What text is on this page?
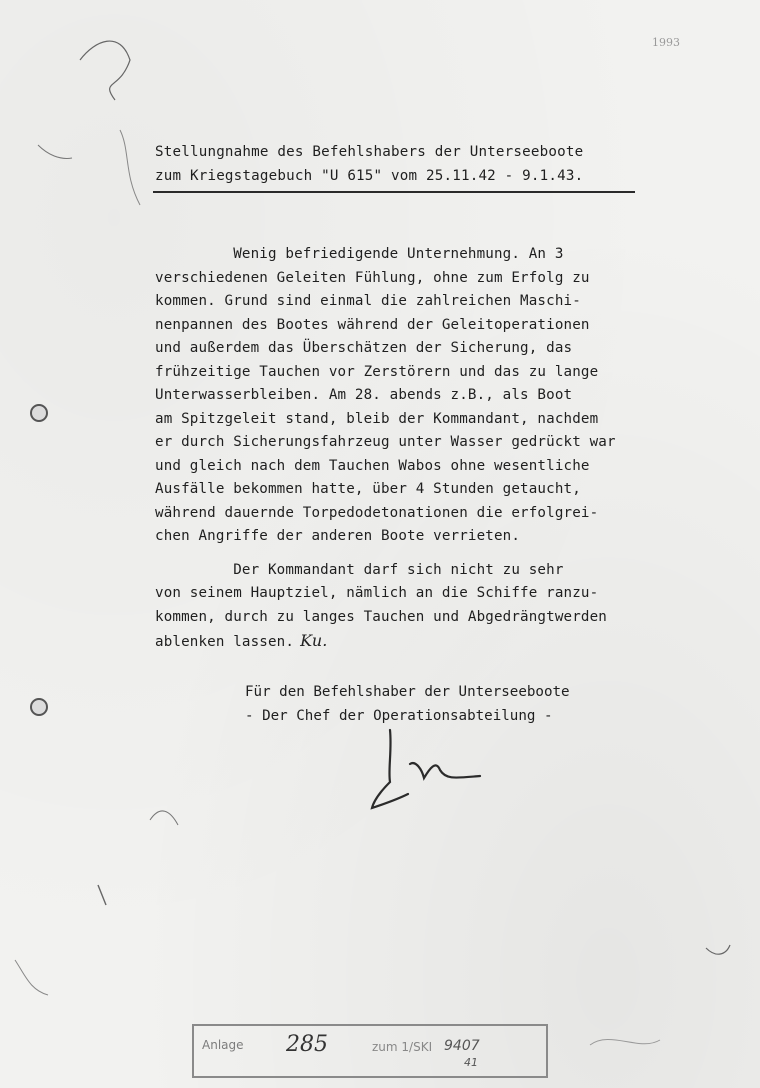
1993
Stellungnahme des Befehlshabers der Unterseeboote
zum Kriegstagebuch "U 615" vom 25.11.42 - 9.1.43.
Wenig befriedigende Unternehmung. An 3
verschiedenen Geleiten Fühlung, ohne zum Erfolg zu
kommen. Grund sind einmal die zahlreichen Maschi-
nenpannen des Bootes während der Geleitoperationen
und außerdem das Überschätzen der Sicherung, das
frühzeitige Tauchen vor Zerstörern und das zu lange
Unterwasserbleiben. Am 28. abends z.B., als Boot
am Spitzgeleit stand, bleib der Kommandant, nachdem
er durch Sicherungsfahrzeug unter Wasser gedrückt war
und gleich nach dem Tauchen Wabos ohne wesentliche
Ausfälle bekommen hatte, über 4 Stunden getaucht,
während dauernde Torpedodetonationen die erfolgrei-
chen Angriffe der anderen Boote verrieten.
Der Kommandant darf sich nicht zu sehr
von seinem Hauptziel, nämlich an die Schiffe ranzu-
kommen, durch zu langes Tauchen und Abgedrängtwerden
ablenken lassen. Ku.
Für den Befehlshaber der Unterseeboote
- Der Chef der Operationsabteilung -
Anlage 285	zum 1/SKI 9407
41
